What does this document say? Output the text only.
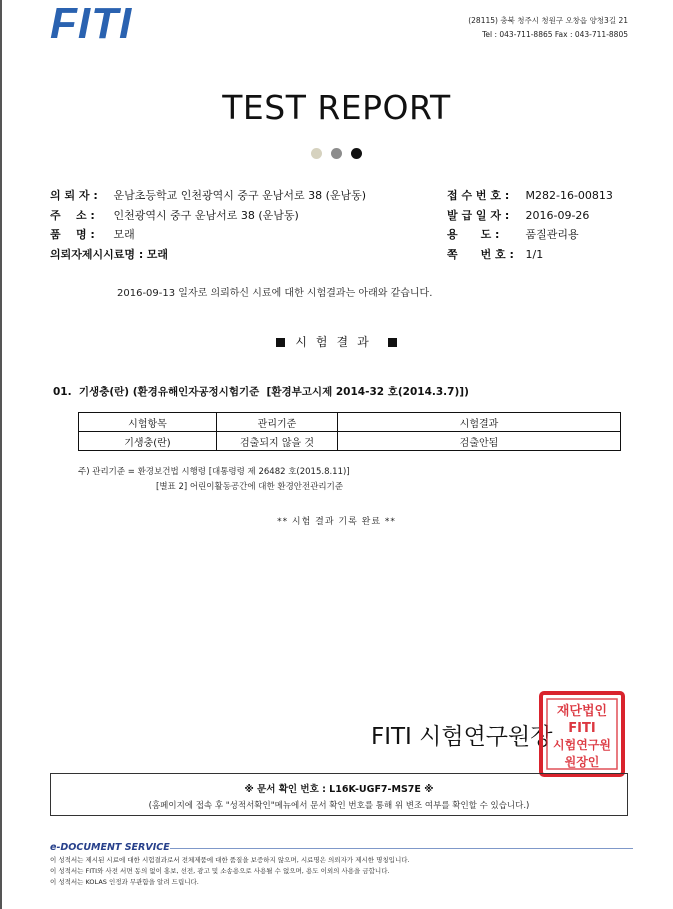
FITI	(28115) 충북 청주시 청원구 오창읍 양청3길 21
Tel : 043-711-8865 Fax : 043-711-8805
TEST REPORT
의 뢰 자 :
	운남초등학교 인천광역시 중구 운남서로 38 (운남동)
주    소 :
	인천광역시 중구 운남서로 38 (운남동)
품    명 :
	모래
의뢰자제시시료명 :
모래
접 수 번 호 :
	M282-16-00813
발 급 일 자 :
	2016-09-26
용      도 :
	품질관리용
쪽      번 호 :
	1/1
2016-09-13 일자로 의뢰하신 시료에 대한 시험결과는 아래와 같습니다.
시험결과
01.  기생충(란) (환경유해인자공정시험기준  [환경부고시제 2014-32 호(2014.3.7)])
시험항목	관리기준	시험결과
기생충(란)	검출되지 않을 것	검출안됨
주) 관리기준 = 환경보건법 시행령 [대통령령 제 26482 호(2015.8.11)]
[별표 2] 어린이활동공간에 대한 환경안전관리기준
** 시험 결과 기록 완료 **
FITI 시험연구원장
재단법인
FITI
시험연구원
원장인
※ 문서 확인 번호 : L16K-UGF7-MS7E ※
(홈페이지에 접속 후 "성적서확인"메뉴에서 문서 확인 번호를 통해 위 변조 여부를 확인할 수 있습니다.)
e-DOCUMENT SERVICE
이 성적서는 제시된 시료에 대한 시험결과로서 전체제품에 대한 품질을 보증하지 않으며, 시료명은 의뢰자가 제시한 명칭입니다.
이 성적서는 FITI와 사전 서면 동의 없이 홍보, 선전, 광고 및 소송용으로 사용될 수 없으며, 용도 이외의 사용을 금합니다.
이 성적서는 KOLAS 인정과 무관함을 알려 드립니다.
